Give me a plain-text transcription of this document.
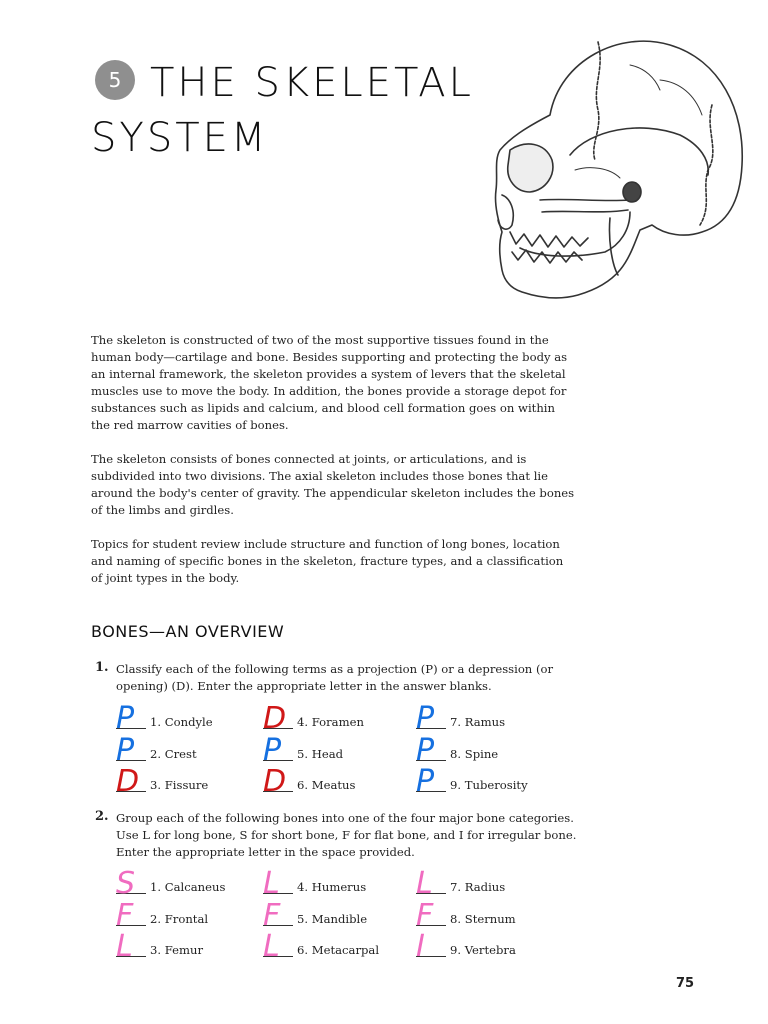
5 THE SKELETAL
SYSTEM
The skeleton is constructed of two of the most supportive tissues found in the human body—cartilage and bone. Besides supporting and protecting the body as an internal framework, the skeleton provides a system of levers that the skeletal muscles use to move the body. In addition, the bones provide a storage depot for substances such as lipids and calcium, and blood cell formation goes on within the red marrow cavities of bones.
The skeleton consists of bones connected at joints, or articulations, and is subdivided into two divisions. The axial skeleton includes those bones that lie around the body's center of gravity. The appendicular skeleton includes the bones of the limbs and girdles.
Topics for student review include structure and function of long bones, location and naming of specific bones in the skeleton, fracture types, and a classification of joint types in the body.
BONES—AN OVERVIEW
1. Classify each of the following terms as a projection (P) or a depression (or opening) (D). Enter the appropriate letter in the answer blanks.
P 1. Condyle
P 2. Crest
D 3. Fissure
D 4. Foramen
P 5. Head
D 6. Meatus
P 7. Ramus
P 8. Spine
P 9. Tuberosity
2. Group each of the following bones into one of the four major bone categories. Use L for long bone, S for short bone, F for flat bone, and I for irregular bone. Enter the appropriate letter in the space provided.
S 1. Calcaneus
F 2. Frontal
L 3. Femur
L 4. Humerus
F 5. Mandible
L 6. Metacarpal
L 7. Radius
F 8. Sternum
I 9. Vertebra
75
